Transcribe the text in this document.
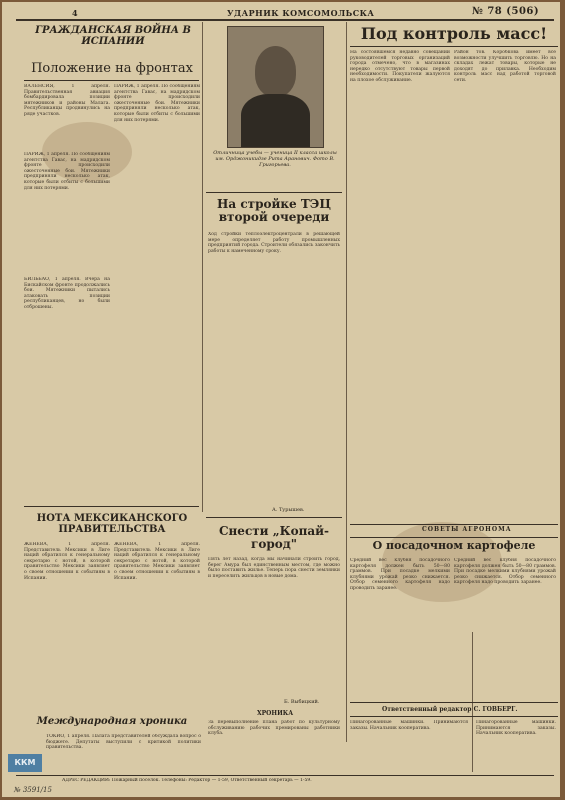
4	УДАРНИК КОМСОМОЛЬСКА	№ 78 (506)
ГРАЖДАНСКАЯ ВОЙНА В ИСПАНИИ
Положение на фронтах
ВАЛЕНСИЯ, 1 апреля. Правительственная авиация бомбардировала позиции мятежников и районы Малага. Республиканцы продвинулись на ряде участков.
ПАРИЖ, 1 апреля. По сообщениям агентства Гавас, на мадридском фронте происходили ожесточенные бои. Мятежники предприняли несколько атак, которые были отбиты с большими для них потерями.
БИЛЬБАО, 1 апреля. Вчера на Бискайском фронте продолжались бои. Мятежники пытались атаковать позиции республиканцев, но были отброшены.
ПАРИЖ, 1 апреля. По сообщениям агентства Гавас, на мадридском фронте происходили ожесточенные бои. Мятежники предприняли несколько атак, которые были отбиты с большими для них потерями.
НОТА МЕКСИКАНСКОГО ПРАВИТЕЛЬСТВА
ЖЕНЕВА, 1 апреля. Представитель Мексики в Лиге наций обратился к генеральному секретарю с нотой, в которой правительство Мексики заявляет о своем отношении к событиям в Испании.
ЖЕНЕВА, 1 апреля. Представитель Мексики в Лиге наций обратился к генеральному секретарю с нотой, в которой правительство Мексики заявляет о своем отношении к событиям в Испании.
Международная хроника
ТОКИО, 1 апреля. Палата представителей обсуждала вопрос о бюджете. Депутаты выступили с критикой политики правительства.
Отличница учебы — ученица II класса школы им. Орджоникидзе Рита Аранович. Фото В. Григорьева.
На стройке ТЭЦ второй очереди
Ход стройки теплоэлектроцентрали в решающей мере определяет работу промышленных предприятий города. Строители обязались закончить работы к намеченному сроку.
А. Турышев.
Снести „Копай-город"
Пять лет назад, когда мы начинали строить город, берег Амура был единственным местом, где можно было поставить жилье. Теперь пора снести землянки и переселить жильцов в новые дома.
Б. Выбицкий.
ХРОНИКА
За перевыполнение плана работ по культурному обслуживанию рабочих премированы работники клуба.
Под контроль масс!
На состоявшемся недавно совещании руководителей торговых организаций города отмечено, что в магазинах нередко отсутствуют товары первой необходимости. Покупатели жалуются на плохое обслуживание.
Район тов. Коробкова имеет все возможности улучшить торговлю. Но на складах лежат товары, которые не доходят до прилавка. Необходим контроль масс над работой торговой сети.
СОВЕТЫ АГРОНОМА
О посадочном картофеле
Средний вес клубня посадочного картофеля должен быть 50—80 граммов. При посадке мелкими клубнями урожай резко снижается. Отбор семенного картофеля надо проводить заранее.
Средний вес клубня посадочного картофеля должен быть 50—80 граммов. При посадке мелкими клубнями урожай резко снижается. Отбор семенного картофеля надо проводить заранее.
Ответственный редактор С. ГОВБЕРГ.
Пинагорованные машинки. Принимаются заказы. Начальник кооператива.
Пинагорованные машинки. Принимаются заказы. Начальник кооператива.
АДРЕС РЕДАКЦИИ: Пожарный поселок. Телефоны: Редактор — 1-59, Ответственный секретарь — 1-59.
ККМ
№ 3591/15
